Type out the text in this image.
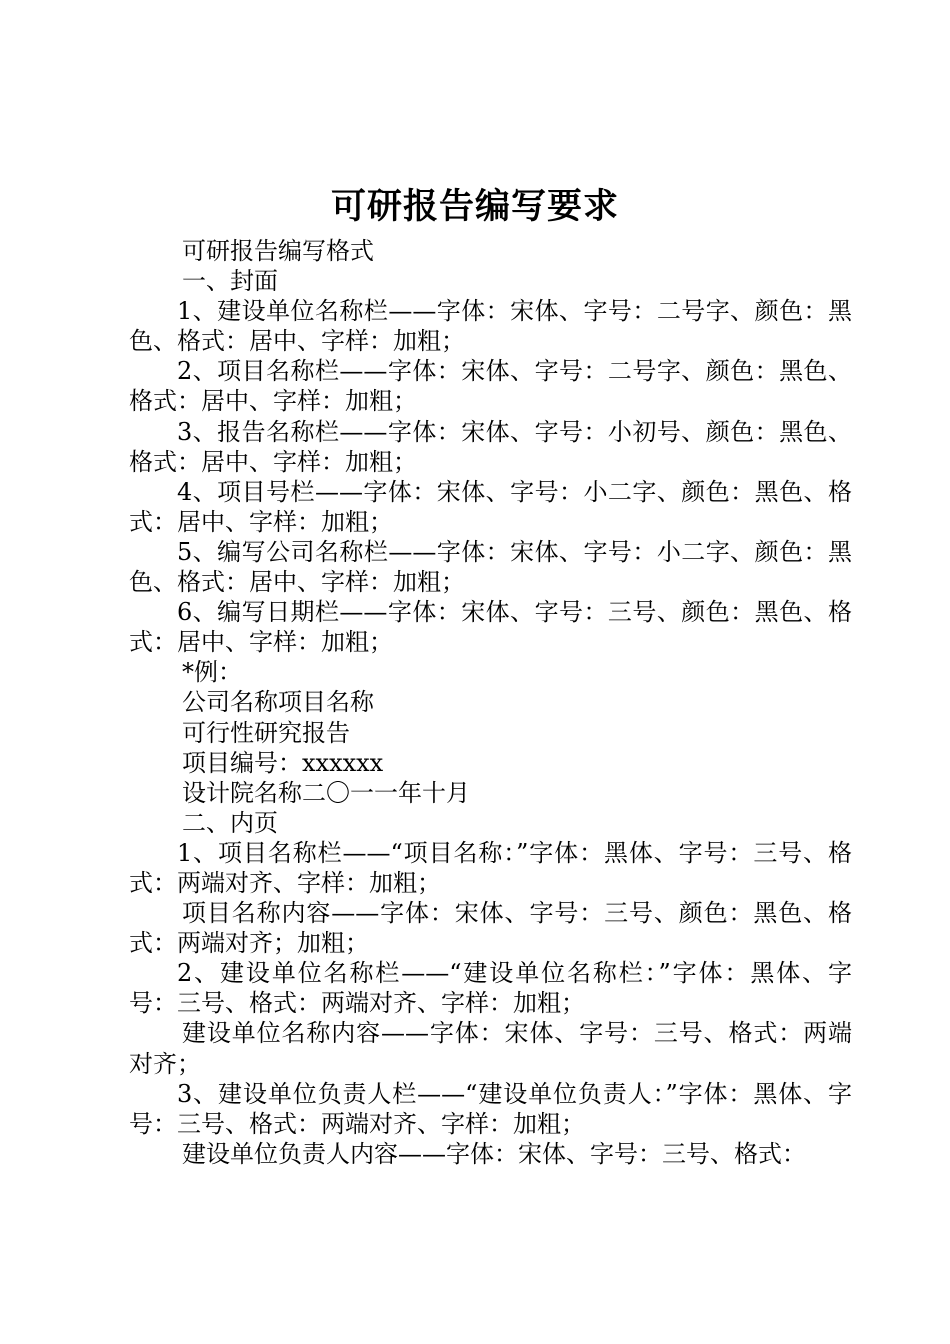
可研报告编写要求

可研报告编写格式

一、封面

1、建设单位名称栏——字体：宋体、字号：二号字、颜色：黑色、格式：居中、字样：加粗；

2、项目名称栏——字体：宋体、字号：二号字、颜色：黑色、格式：居中、字样：加粗；

3、报告名称栏——字体：宋体、字号：小初号、颜色：黑色、格式：居中、字样：加粗；

4、项目号栏——字体：宋体、字号：小二字、颜色：黑色、格式：居中、字样：加粗；

5、编写公司名称栏——字体：宋体、字号：小二字、颜色：黑色、格式：居中、字样：加粗；

6、编写日期栏——字体：宋体、字号：三号、颜色：黑色、格式：居中、字样：加粗；

*例：

公司名称项目名称

可行性研究报告

项目编号：xxxxxx

设计院名称二〇一一年十月

二、内页

1、项目名称栏——“项目名称：”字体：黑体、字号：三号、格式：两端对齐、字样：加粗；

项目名称内容——字体：宋体、字号：三号、颜色：黑色、格式：两端对齐；加粗；

2、建设单位名称栏——“建设单位名称栏：”字体：黑体、字号：三号、格式：两端对齐、字样：加粗；

建设单位名称内容——字体：宋体、字号：三号、格式：两端对齐；

3、建设单位负责人栏——“建设单位负责人：”字体：黑体、字号：三号、格式：两端对齐、字样：加粗；

建设单位负责人内容——字体：宋体、字号：三号、格式：
